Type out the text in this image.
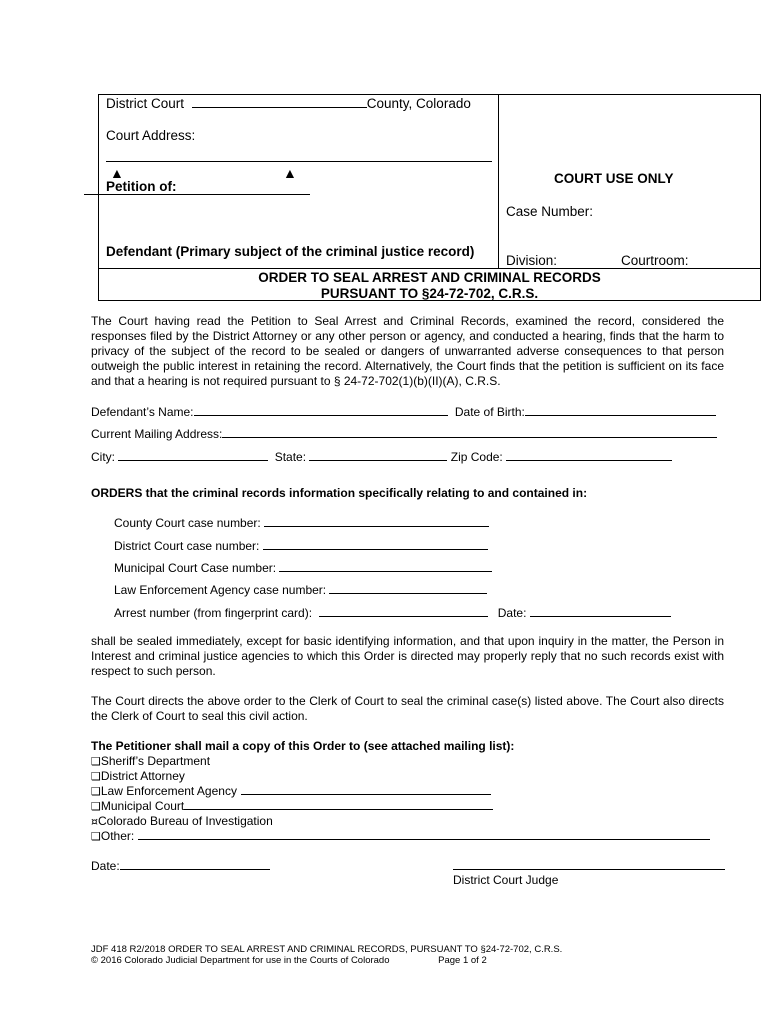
District Court	County, Colorado
Court Address:
▲	▲
Petition of:
Defendant (Primary subject of the criminal justice record)
COURT USE ONLY
Case Number:
Division:	Courtroom:
ORDER TO SEAL ARREST AND CRIMINAL RECORDS
PURSUANT TO §24-72-702, C.R.S.
The Court having read the Petition to Seal Arrest and Criminal Records, examined the record, considered the responses filed by the District Attorney or any other person or agency, and conducted a hearing, finds that the harm to privacy of the subject of the record to be sealed or dangers of unwarranted adverse consequences to that person outweigh the public interest in retaining the record. Alternatively, the Court finds that the petition is sufficient on its face and that a hearing is not required pursuant to § 24-72-702(1)(b)(II)(A), C.R.S.
Defendant’s Name:	Date of Birth:
Current Mailing Address:
City:	State:	Zip Code:
ORDERS that the criminal records information specifically relating to and contained in:
County Court case number:
District Court case number:
Municipal Court Case number:
Law Enforcement Agency case number:
Arrest number (from fingerprint card):	Date:
shall be sealed immediately, except for basic identifying information, and that upon inquiry in the matter, the Person in Interest and criminal justice agencies to which this Order is directed may properly reply that no such records exist with respect to such person.
The Court directs the above order to the Clerk of Court to seal the criminal case(s) listed above. The Court also directs the Clerk of Court to seal this civil action.
The Petitioner shall mail a copy of this Order to (see attached mailing list):
❑Sheriff’s Department
❑District Attorney
❑Law Enforcement Agency
❑Municipal Court
¤Colorado Bureau of Investigation
❑Other:
Date:
District Court Judge
JDF 418 R2/2018 ORDER TO SEAL ARREST AND CRIMINAL RECORDS, PURSUANT TO §24-72-702, C.R.S.
© 2016 Colorado Judicial Department for use in the Courts of Colorado	Page 1 of 2
